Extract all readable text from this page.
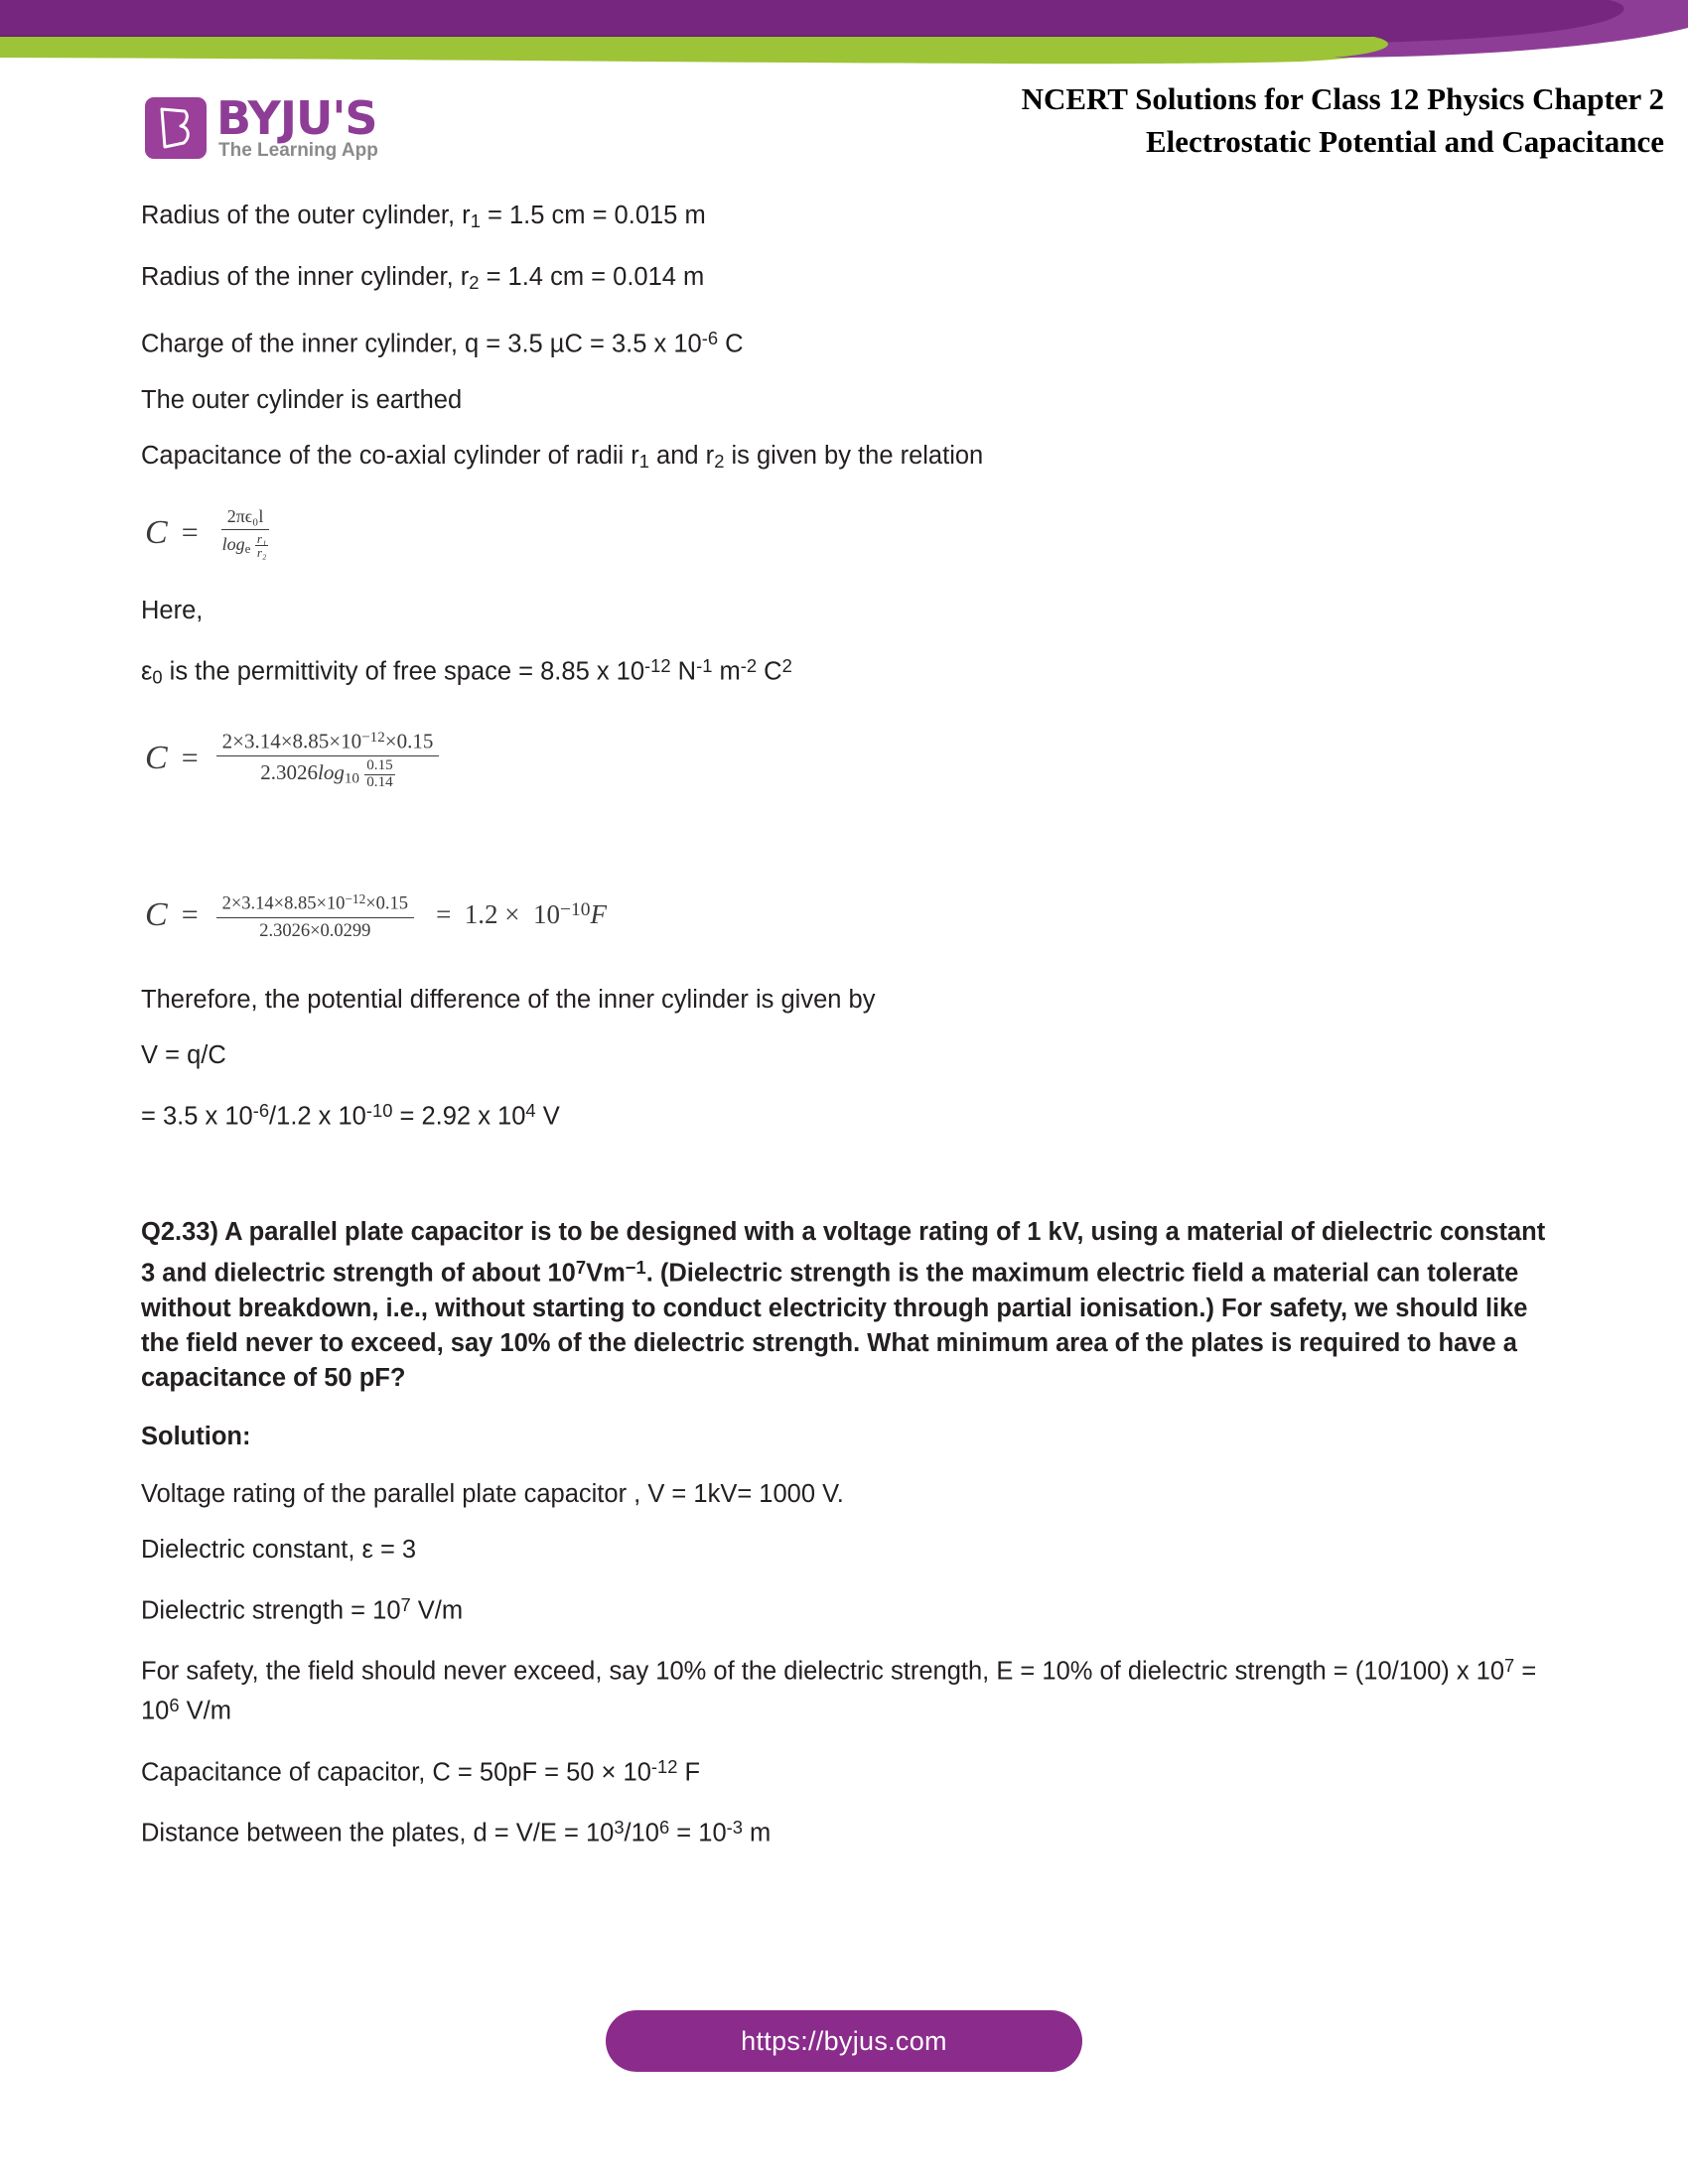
BYJU'S
The Learning App
NCERT Solutions for Class 12 Physics Chapter 2
Electrostatic Potential and Capacitance

Radius of the outer cylinder, $r_1 = 1.5$ cm = 0.015 m

Radius of the inner cylinder, $r_2 = 1.4$ cm = 0.014 m

Charge of the inner cylinder, q = 3.5 µC = 3.5 x $10^{-6}$ C

The outer cylinder is earthed

Capacitance of the co-axial cylinder of radii $r_1$ and $r_2$ is given by the relation

C =	$\frac{\text{2πϵ₀l}}{\log_e \frac{\text{r₁}}{\text{r₂}}}$

Here,

$\varepsilon_0$ is the permittivity of free space = 8.85 x $10^{-12}$ $N^{-1}$ $m^{-2}$ $C^2$

$C = \frac{2\times 3.14\times 8.85\times 10^{-12}\times 0.15}{2.3026\log_{10} \frac{0.15}{0.14}}$
$C = \frac{2\times 3.14\times 8.85\times 10^{-12}\times 0.15}{2.3026\times 0.0299} = 1.2 \times 10^{-10}F$

Therefore, the potential difference of the inner cylinder is given by

V = q/C

= 3.5 x $10^{-6}/1.2$ x $10^{-10} = 2.92$ x $10^4$ V

Q2.33) A parallel plate capacitor is to be designed with a voltage rating of 1 kV, using a material of dielectric constant 3 and dielectric strength of about $10^7Vm^{-1}$. (Dielectric strength is the maximum electric field a material can tolerate without breakdown, i.e., without starting to conduct electricity through partial ionisation.) For safety, we should like the field never to exceed, say 10% of the dielectric strength. What minimum area of the plates is required to have a capacitance of 50 pF?

Solution:

Voltage rating of the parallel plate capacitor , V = 1kV= 1000 V.

Dielectric constant, ε = 3

Dielectric strength = $10^7$ V/m

For safety, the field should never exceed, say 10% of the dielectric strength, E = 10% of dielectric strength = (10/100) x $10^7 = 10^6$ V/m

Capacitance of capacitor, $C = 50pF = 50 \times 10^{-12}$ F

Distance between the plates, $d = V/E = 10^3/10^6 = 10^{-3}$ m

https://byjus.com
